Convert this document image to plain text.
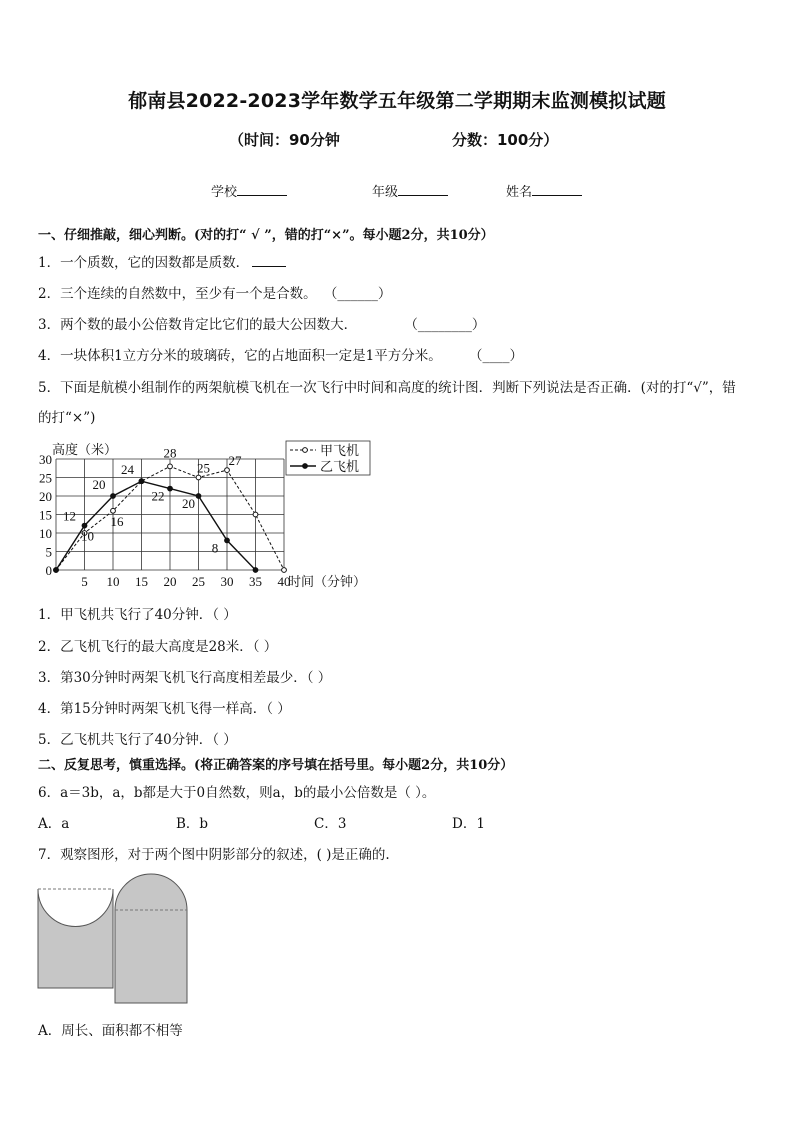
郁南县2022-2023学年数学五年级第二学期期末监测模拟试题
（时间：90分钟	分数：100分）
学校	年级	姓名
一、仔细推敲，细心判断。(对的打“ √ ”，错的打“×”。每小题2分，共10分）
1．一个质数，它的因数都是质数．
2．三个连续的自然数中，至少有一个是合数。 （______）
3．两个数的最小公倍数肯定比它们的最大公因数大．	（________）
4．一块体积1立方分米的玻璃砖，它的占地面积一定是1平方分米。	（____）
5．下面是航模小组制作的两架航模飞机在一次飞行中时间和高度的统计图．判断下列说法是否正确．(对的打“√”，错
的打“×”)
0
5
10
15
20
25
30
5 10 15 20 25 30 35 40
高度（米）
时间（分钟）
10
16
28
25 27
12
20
24
22 20
8
甲飞机
乙飞机
1．甲飞机共飞行了40分钟．（ ）
2．乙飞机飞行的最大高度是28米．（ ）
3．第30分钟时两架飞机飞行高度相差最少．（ ）
4．第15分钟时两架飞机飞得一样高．（ ）
5．乙飞机共飞行了40分钟．（ ）
二、反复思考，慎重选择。(将正确答案的序号填在括号里。每小题2分，共10分）
6．a＝3b，a，b都是大于0自然数，则a，b的最小公倍数是（ ）。
A．a	B．b	C．3	D．1
7．观察图形，对于两个图中阴影部分的叙述，( )是正确的.
A．周长、面积都不相等
